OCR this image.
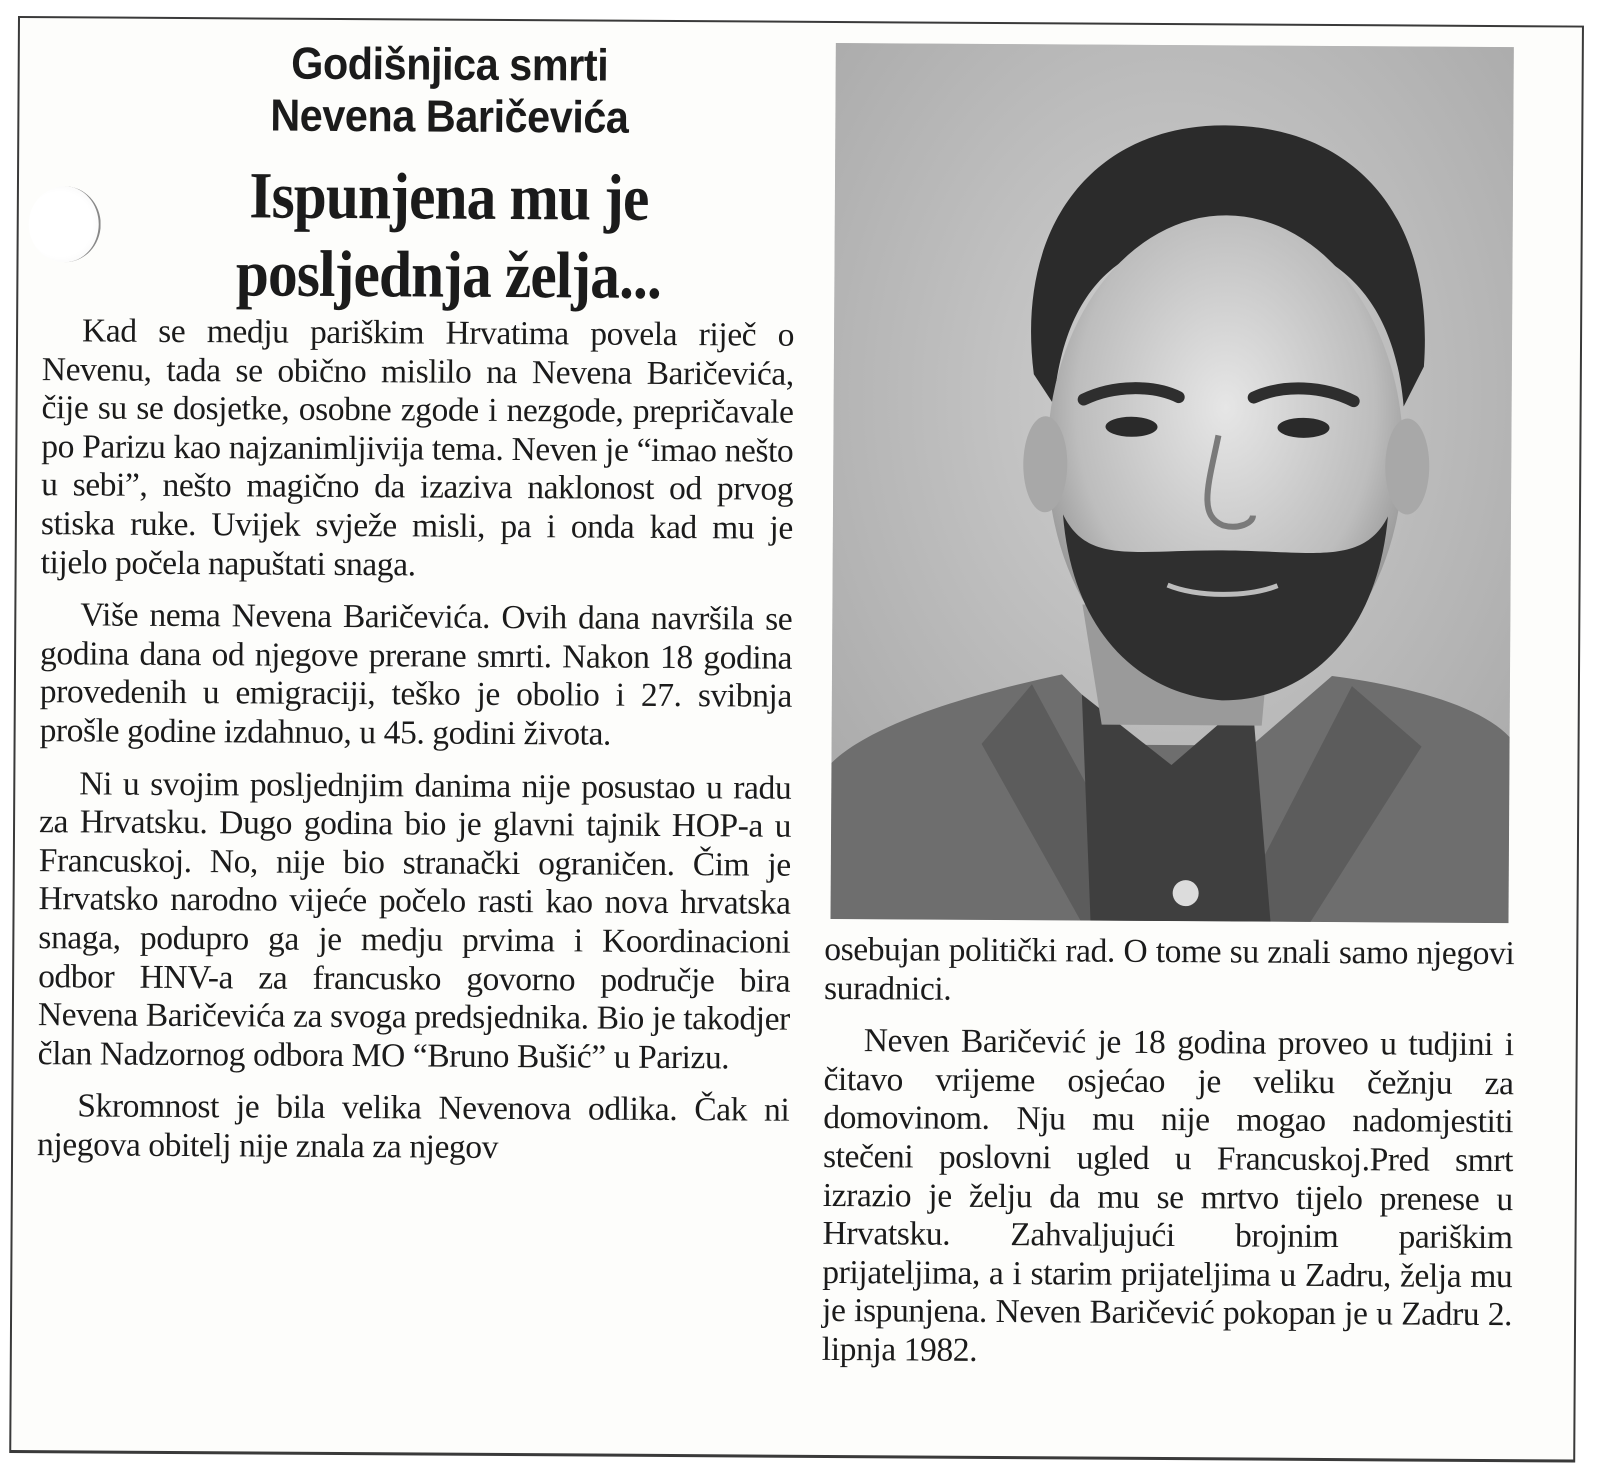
Godišnjica smrti
Nevena Baričevića
Ispunjena mu je
posljednja želja...

Kad se medju pariškim Hrvatima povela riječ o Nevenu, tada se obično mislilo na Nevena Baričevića, čije su se dosjetke, osobne zgode i nezgode, prepričavale po Parizu kao najzanimljivija tema. Neven je “imao nešto u sebi”, nešto magično da izaziva naklonost od prvog stiska ruke. Uvijek svježe misli, pa i onda kad mu je tijelo počela napuštati snaga.

Više nema Nevena Baričevića. Ovih dana navršila se godina dana od njegove prerane smrti. Nakon 18 godina provedenih u emigraciji, teško je obolio i 27. svibnja prošle godine izdahnuo, u 45. godini života.

Ni u svojim posljednjim danima nije posustao u radu za Hrvatsku. Dugo godina bio je glavni tajnik HOP-a u Francuskoj. No, nije bio stranački ograničen. Čim je Hrvatsko narodno vijeće počelo rasti kao nova hrvatska snaga, podupro ga je medju prvima i Koordinacioni odbor HNV-a za francusko govorno područje bira Nevena Baričevića za svoga predsjednika. Bio je takodjer član Nadzornog odbora MO “Bruno Bušić” u Parizu.

Skromnost je bila velika Nevenova odlika. Čak ni njegova obitelj nije znala za njegov

osebujan politički rad. O tome su znali samo njegovi suradnici.

Neven Baričević je 18 godina proveo u tudjini i čitavo vrijeme osjećao je veliku čežnju za domovinom. Nju mu nije mogao nadomjestiti stečeni poslovni ugled u Francuskoj.Pred smrt izrazio je želju da mu se mrtvo tijelo prenese u Hrvatsku. Zahvaljujući brojnim pariškim prijateljima, a i starim prijateljima u Zadru, želja mu je ispunjena. Neven Baričević pokopan je u Zadru 2. lipnja 1982.
